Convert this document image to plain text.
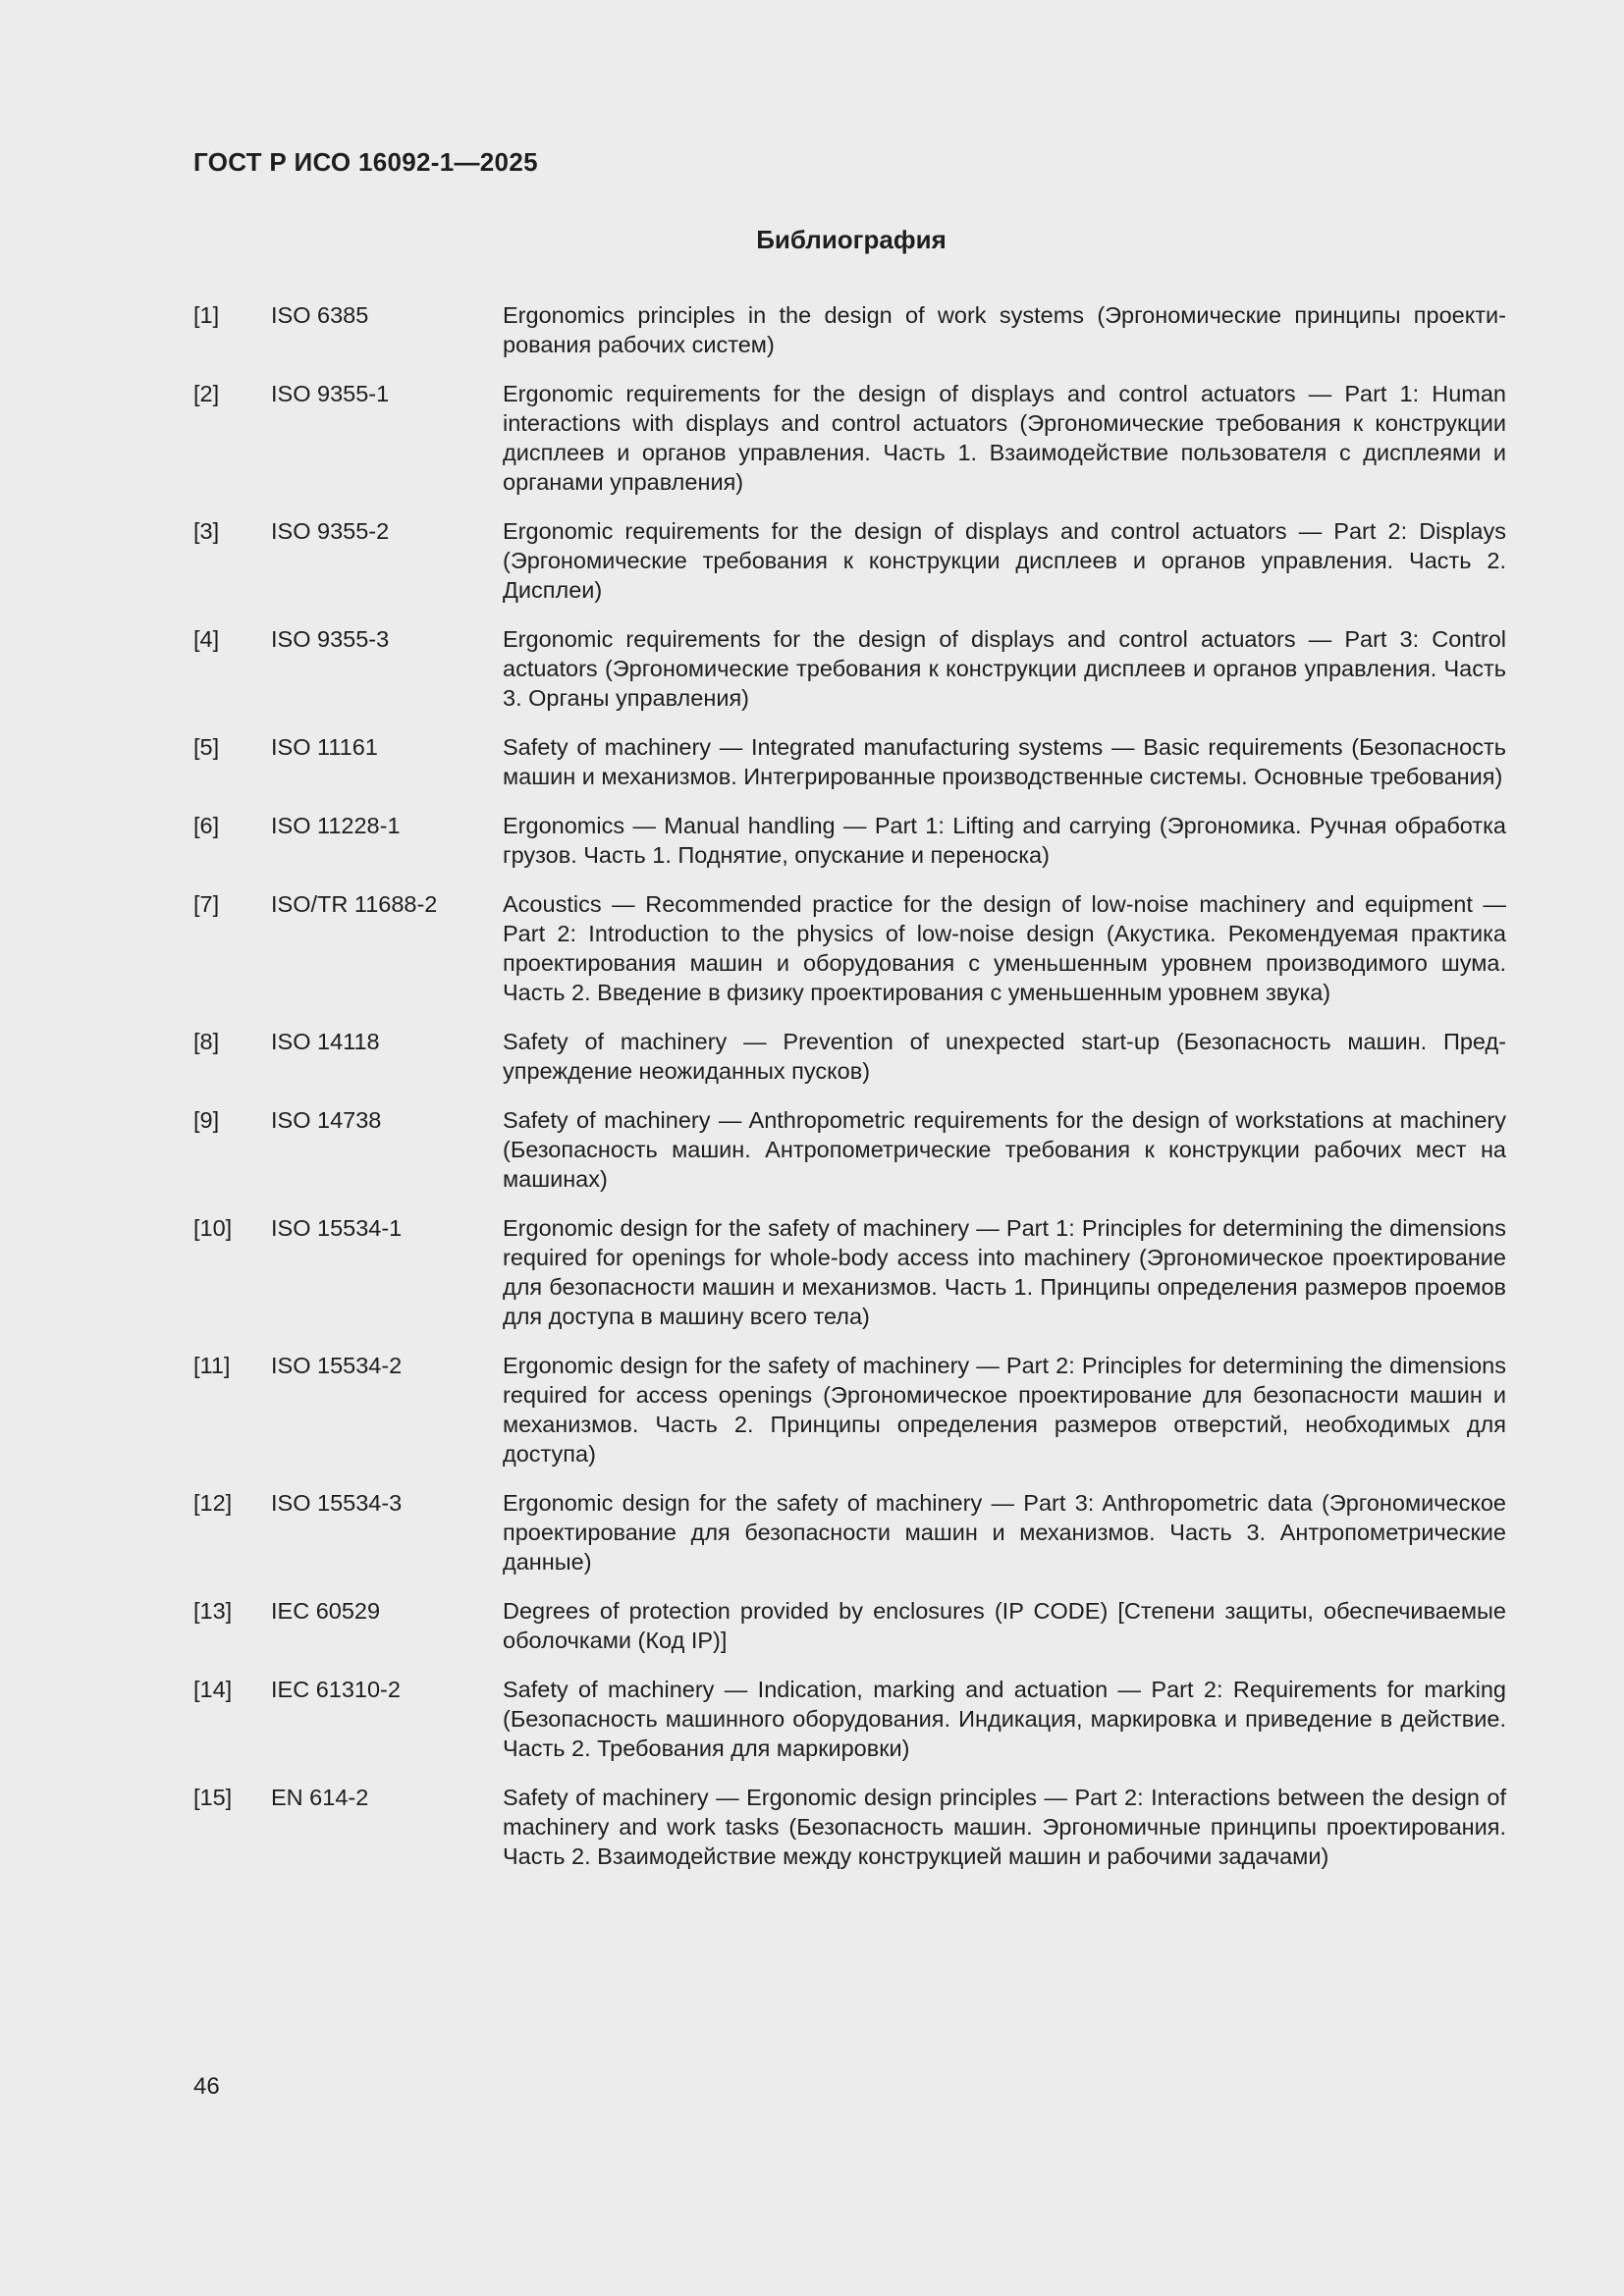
ГОСТ Р ИСО 16092-1—2025
Библиография
[1] ISO 6385	Ergonomics principles in the design of work systems (Эргономические принципы проектирования рабочих систем)
[2] ISO 9355-1	Ergonomic requirements for the design of displays and control actuators — Part 1: Human interactions with displays and control actuators (Эргономические требования к конструкции дисплеев и органов управления. Часть 1. Взаимодействие пользователя с дисплеями и органами управления)
[3] ISO 9355-2	Ergonomic requirements for the design of displays and control actuators — Part 2: Displays (Эргономические требования к конструкции дисплеев и органов управления. Часть 2. Дисплеи)
[4] ISO 9355-3	Ergonomic requirements for the design of displays and control actuators — Part 3: Control actuators (Эргономические требования к конструкции дисплеев и органов управления. Часть 3. Органы управления)
[5] ISO 11161	Safety of machinery — Integrated manufacturing systems — Basic requirements (Безопасность машин и механизмов. Интегрированные производственные системы. Основные требования)
[6] ISO 11228-1	Ergonomics — Manual handling — Part 1: Lifting and carrying (Эргономика. Ручная обработка грузов. Часть 1. Поднятие, опускание и переноска)
[7] ISO/TR 11688-2	Acoustics — Recommended practice for the design of low-noise machinery and equipment — Part 2: Introduction to the physics of low-noise design (Акустика. Рекомендуемая практика проектирования машин и оборудования с уменьшенным уровнем производимого шума. Часть 2. Введение в физику проектирования с уменьшенным уровнем звука)
[8] ISO 14118	Safety of machinery — Prevention of unexpected start-up (Безопасность машин. Предупреждение неожиданных пусков)
[9] ISO 14738	Safety of machinery — Anthropometric requirements for the design of workstations at machinery (Безопасность машин. Антропометрические требования к конструкции рабочих мест на машинах)
[10] ISO 15534-1	Ergonomic design for the safety of machinery — Part 1: Principles for determining the dimensions required for openings for whole-body access into machinery (Эргономическое проектирование для безопасности машин и механизмов. Часть 1. Принципы определения размеров проемов для доступа в машину всего тела)
[11] ISO 15534-2	Ergonomic design for the safety of machinery — Part 2: Principles for determining the dimensions required for access openings (Эргономическое проектирование для безопасности машин и механизмов. Часть 2. Принципы определения размеров отверстий, необходимых для доступа)
[12] ISO 15534-3	Ergonomic design for the safety of machinery — Part 3: Anthropometric data (Эргономическое проектирование для безопасности машин и механизмов. Часть 3. Антропометрические данные)
[13] IEC 60529	Degrees of protection provided by enclosures (IP CODE) [Степени защиты, обеспечиваемые оболочками (Код IP)]
[14] IEC 61310-2	Safety of machinery — Indication, marking and actuation — Part 2: Requirements for marking (Безопасность машинного оборудования. Индикация, маркировка и приведение в действие. Часть 2. Требования для маркировки)
[15] EN 614-2	Safety of machinery — Ergonomic design principles — Part 2: Interactions between the design of machinery and work tasks (Безопасность машин. Эргономичные принципы проектирования. Часть 2. Взаимодействие между конструкцией машин и рабочими задачами)

46
